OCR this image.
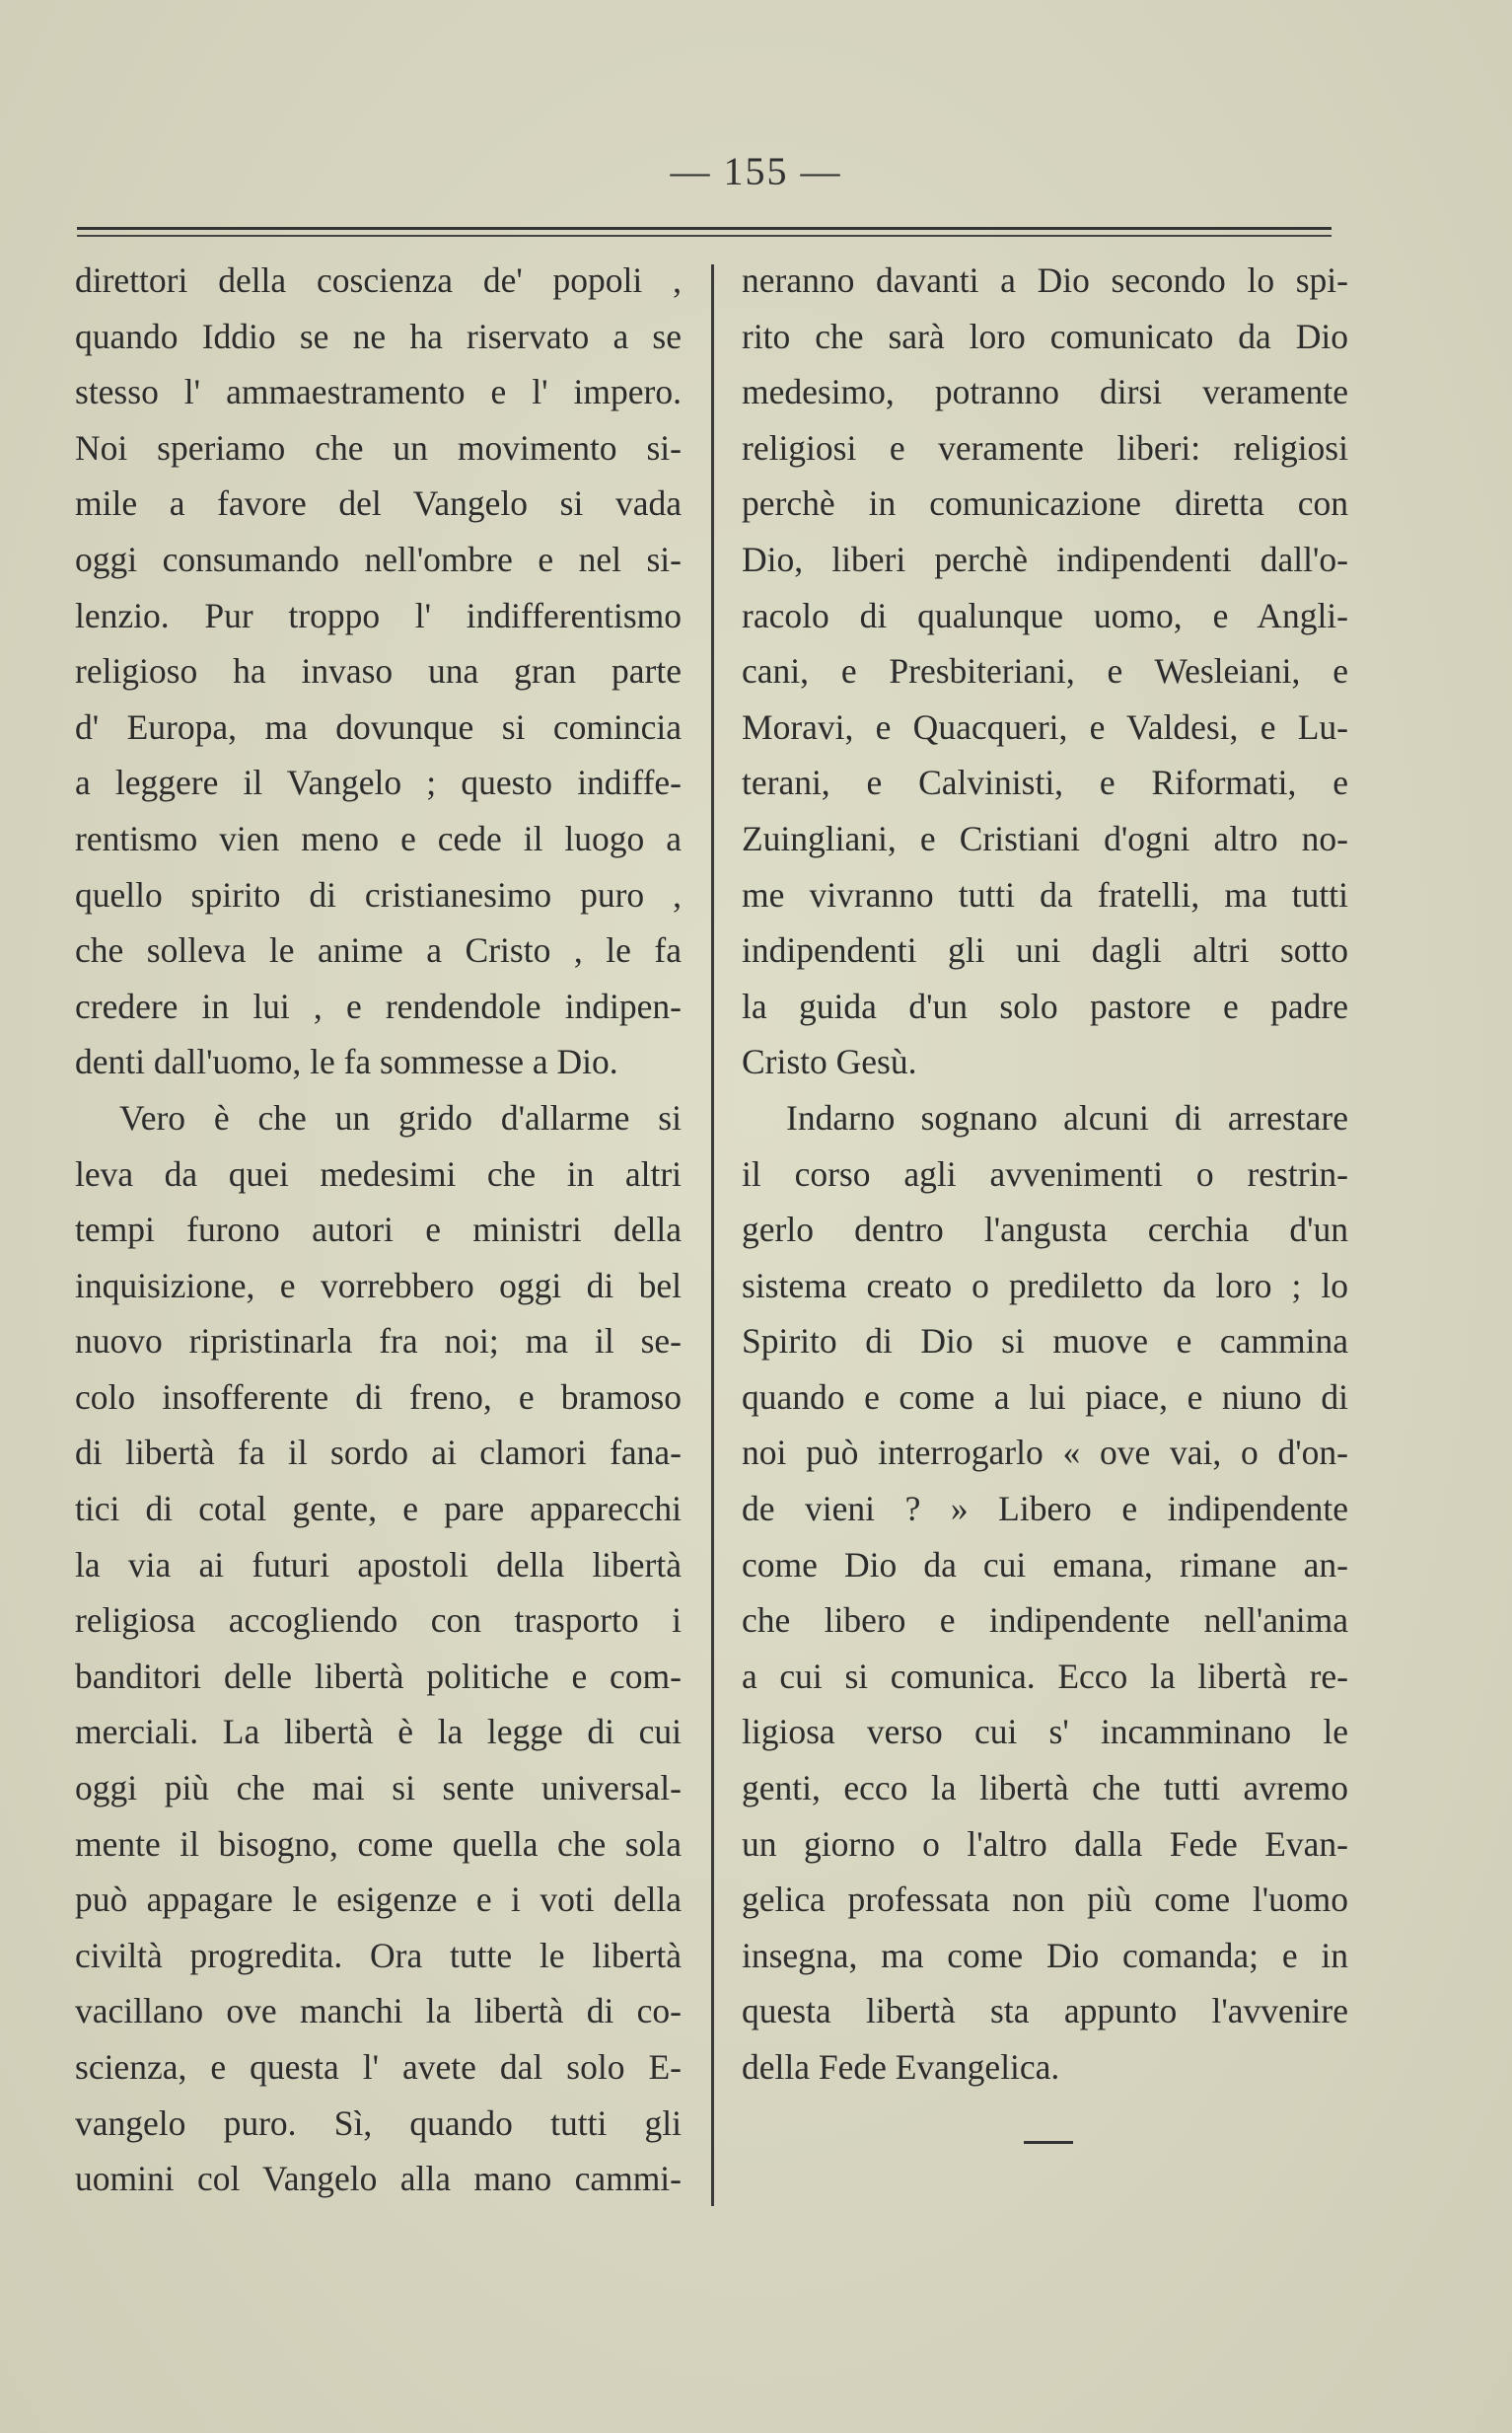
— 155 —

direttori della coscienza de' popoli ,
quando Iddio se ne ha riservato a se
stesso l' ammaestramento e l' impero.
Noi speriamo che un movimento si-
mile a favore del Vangelo si vada
oggi consumando nell'ombre e nel si-
lenzio. Pur troppo l' indifferentismo
religioso ha invaso una gran parte
d' Europa, ma dovunque si comincia
a leggere il Vangelo ; questo indiffe-
rentismo vien meno e cede il luogo a
quello spirito di cristianesimo puro ,
che solleva le anime a Cristo , le fa
credere in lui , e rendendole indipen-
denti dall'uomo, le fa sommesse a Dio.

Vero è che un grido d'allarme si
leva da quei medesimi che in altri
tempi furono autori e ministri della
inquisizione, e vorrebbero oggi di bel
nuovo ripristinarla fra noi; ma il se-
colo insofferente di freno, e bramoso
di libertà fa il sordo ai clamori fana-
tici di cotal gente, e pare apparecchi
la via ai futuri apostoli della libertà
religiosa accogliendo con trasporto i
banditori delle libertà politiche e com-
merciali. La libertà è la legge di cui
oggi più che mai si sente universal-
mente il bisogno, come quella che sola
può appagare le esigenze e i voti della
civiltà progredita. Ora tutte le libertà
vacillano ove manchi la libertà di co-
scienza, e questa l' avete dal solo E-
vangelo puro. Sì, quando tutti gli
uomini col Vangelo alla mano cammi-

neranno davanti a Dio secondo lo spi-
rito che sarà loro comunicato da Dio
medesimo, potranno dirsi veramente
religiosi e veramente liberi: religiosi
perchè in comunicazione diretta con
Dio, liberi perchè indipendenti dall'o-
racolo di qualunque uomo, e Angli-
cani, e Presbiteriani, e Wesleiani, e
Moravi, e Quacqueri, e Valdesi, e Lu-
terani, e Calvinisti, e Riformati, e
Zuingliani, e Cristiani d'ogni altro no-
me vivranno tutti da fratelli, ma tutti
indipendenti gli uni dagli altri sotto
la guida d'un solo pastore e padre
Cristo Gesù.

Indarno sognano alcuni di arrestare
il corso agli avvenimenti o restrin-
gerlo dentro l'angusta cerchia d'un
sistema creato o prediletto da loro ; lo
Spirito di Dio si muove e cammina
quando e come a lui piace, e niuno di
noi può interrogarlo « ove vai, o d'on-
de vieni ? » Libero e indipendente
come Dio da cui emana, rimane an-
che libero e indipendente nell'anima
a cui si comunica. Ecco la libertà re-
ligiosa verso cui s' incamminano le
genti, ecco la libertà che tutti avremo
un giorno o l'altro dalla Fede Evan-
gelica professata non più come l'uomo
insegna, ma come Dio comanda; e in
questa libertà sta appunto l'avvenire
della Fede Evangelica.
